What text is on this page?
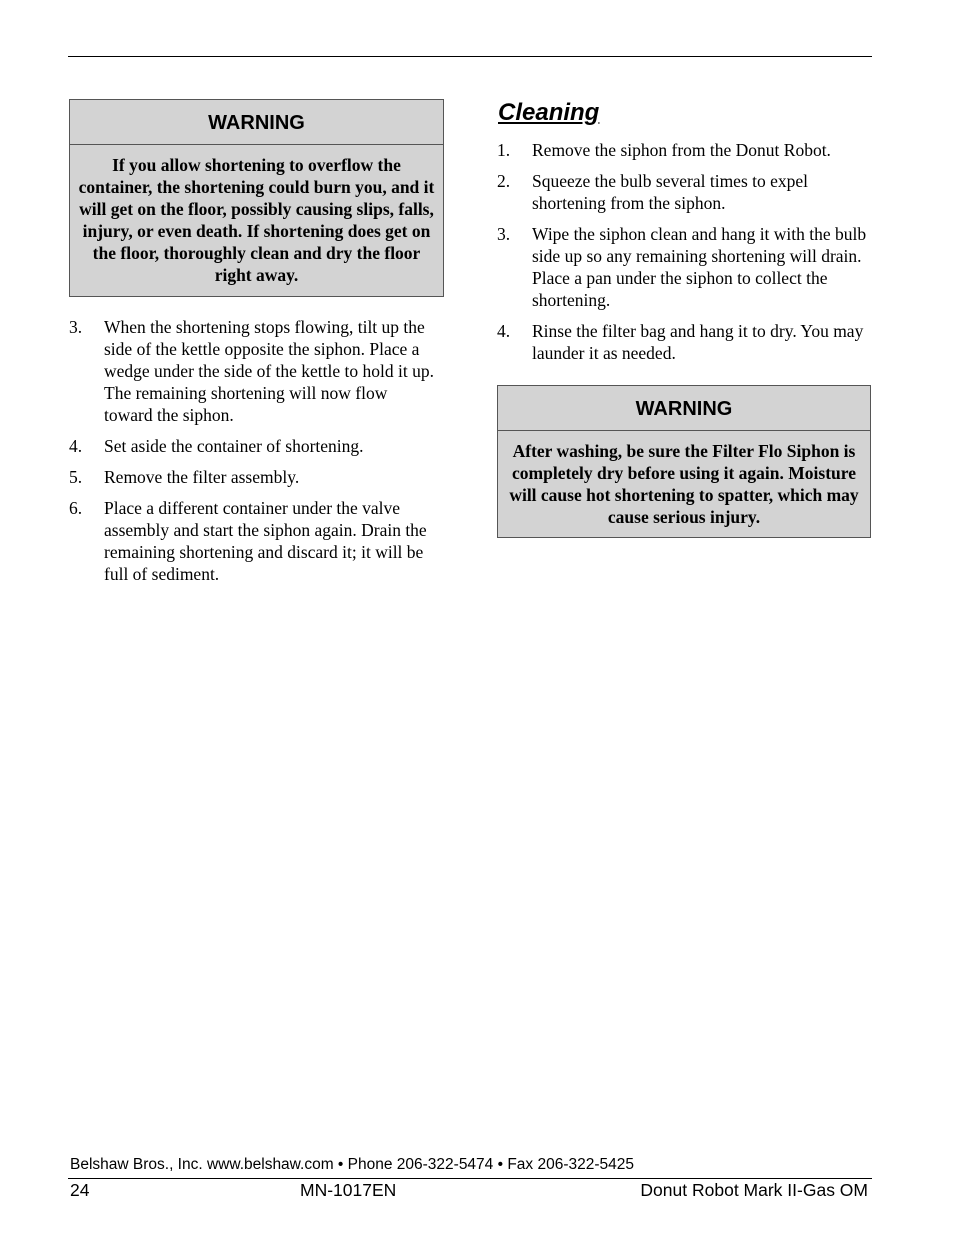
WARNING
If you allow shortening to overflow the container, the shortening could burn you, and it will get on the floor, possibly causing slips, falls, injury, or even death. If shortening does get on the floor, thoroughly clean and dry the floor right away.
3. When the shortening stops flowing, tilt up the side of the kettle opposite the siphon. Place a wedge under the side of the kettle to hold it up. The remaining shortening will now flow toward the siphon.
4. Set aside the container of shortening.
5. Remove the filter assembly.
6. Place a different container under the valve assembly and start the siphon again. Drain the remaining shortening and discard it; it will be full of sediment.
Cleaning
1. Remove the siphon from the Donut Robot.
2. Squeeze the bulb several times to expel shortening from the siphon.
3. Wipe the siphon clean and hang it with the bulb side up so any remaining shortening will drain. Place a pan under the siphon to collect the shortening.
4. Rinse the filter bag and hang it to dry. You may launder it as needed.
WARNING
After washing, be sure the Filter Flo Siphon is completely dry before using it again. Moisture will cause hot shortening to spatter, which may cause serious injury.
Belshaw Bros., Inc. www.belshaw.com • Phone 206-322-5474 • Fax 206-322-5425
24	MN-1017EN	Donut Robot Mark II-Gas OM
